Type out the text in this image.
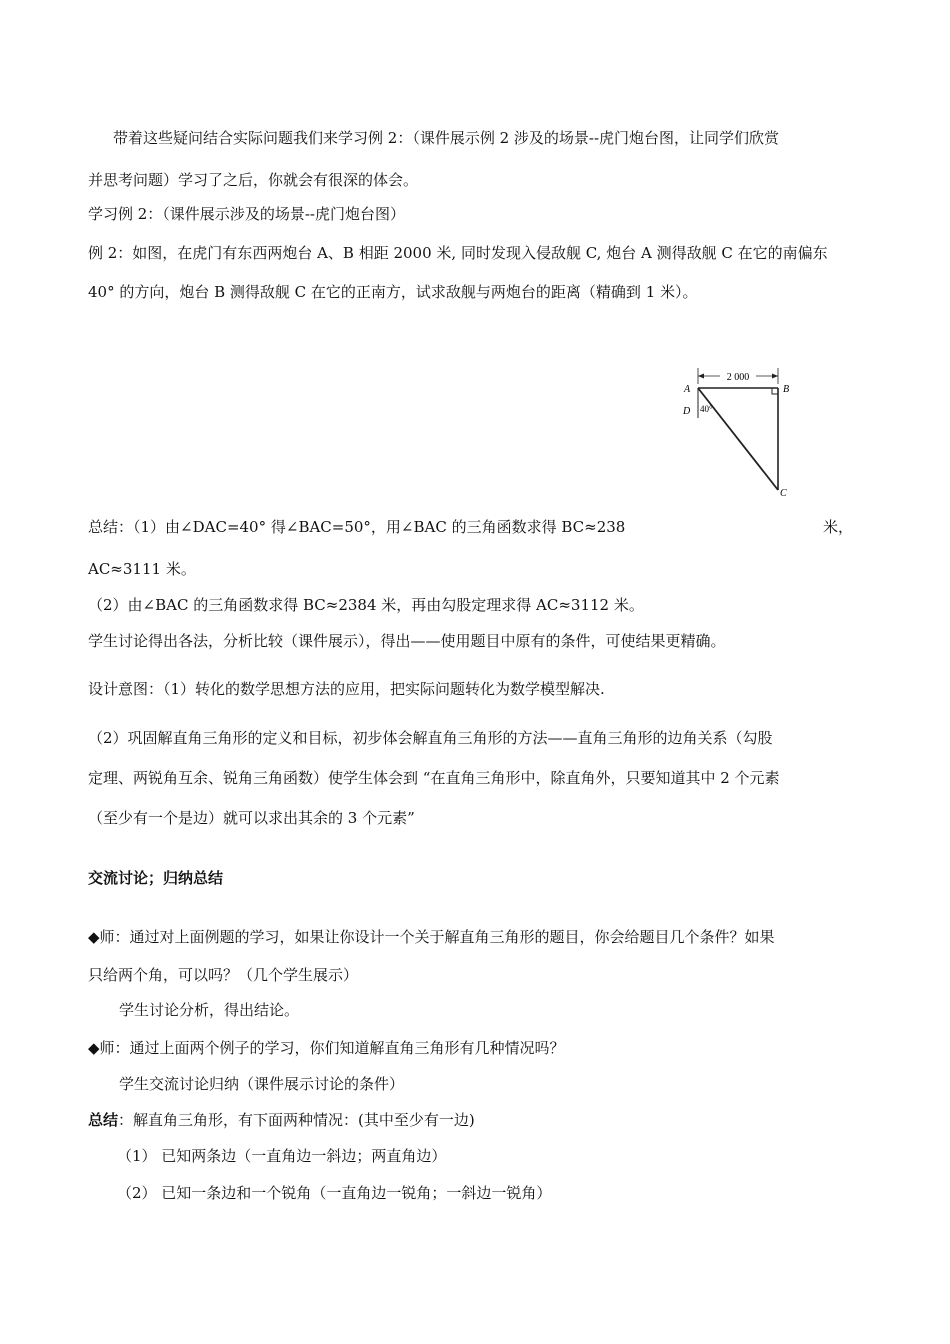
带着这些疑问结合实际问题我们来学习例 2：（课件展示例 2 涉及的场景--虎门炮台图，让同学们欣赏
并思考问题）学习了之后，你就会有很深的体会。
学习例 2：（课件展示涉及的场景--虎门炮台图）
例 2：如图，在虎门有东西两炮台 A、B 相距 2000 米, 同时发现入侵敌舰 C, 炮台 A 测得敌舰 C 在它的南偏东
40° 的方向，炮台 B 测得敌舰 C 在它的正南方，试求敌舰与两炮台的距离（精确到 1 米）。
2 000
A	B
D 40°
C
总结：（1）由∠DAC=40° 得∠BAC=50°，用∠BAC 的三角函数求得 BC≈238	米，
AC≈3111 米。
（2）由∠BAC 的三角函数求得 BC≈2384 米，再由勾股定理求得 AC≈3112 米。
学生讨论得出各法，分析比较（课件展示），得出——使用题目中原有的条件，可使结果更精确。
设计意图：（1）转化的数学思想方法的应用，把实际问题转化为数学模型解决.
（2）巩固解直角三角形的定义和目标，初步体会解直角三角形的方法——直角三角形的边角关系（勾股
定理、两锐角互余、锐角三角函数）使学生体会到 “在直角三角形中，除直角外，只要知道其中 2 个元素
（至少有一个是边）就可以求出其余的 3 个元素”
交流讨论；归纳总结
◆师：通过对上面例题的学习，如果让你设计一个关于解直角三角形的题目，你会给题目几个条件？如果
只给两个角，可以吗？（几个学生展示）
学生讨论分析，得出结论。
◆师：通过上面两个例子的学习，你们知道解直角三角形有几种情况吗？
学生交流讨论归纳（课件展示讨论的条件）
总结：解直角三角形，有下面两种情况：(其中至少有一边)
（1） 已知两条边（一直角边一斜边；两直角边）
（2） 已知一条边和一个锐角（一直角边一锐角；一斜边一锐角）
